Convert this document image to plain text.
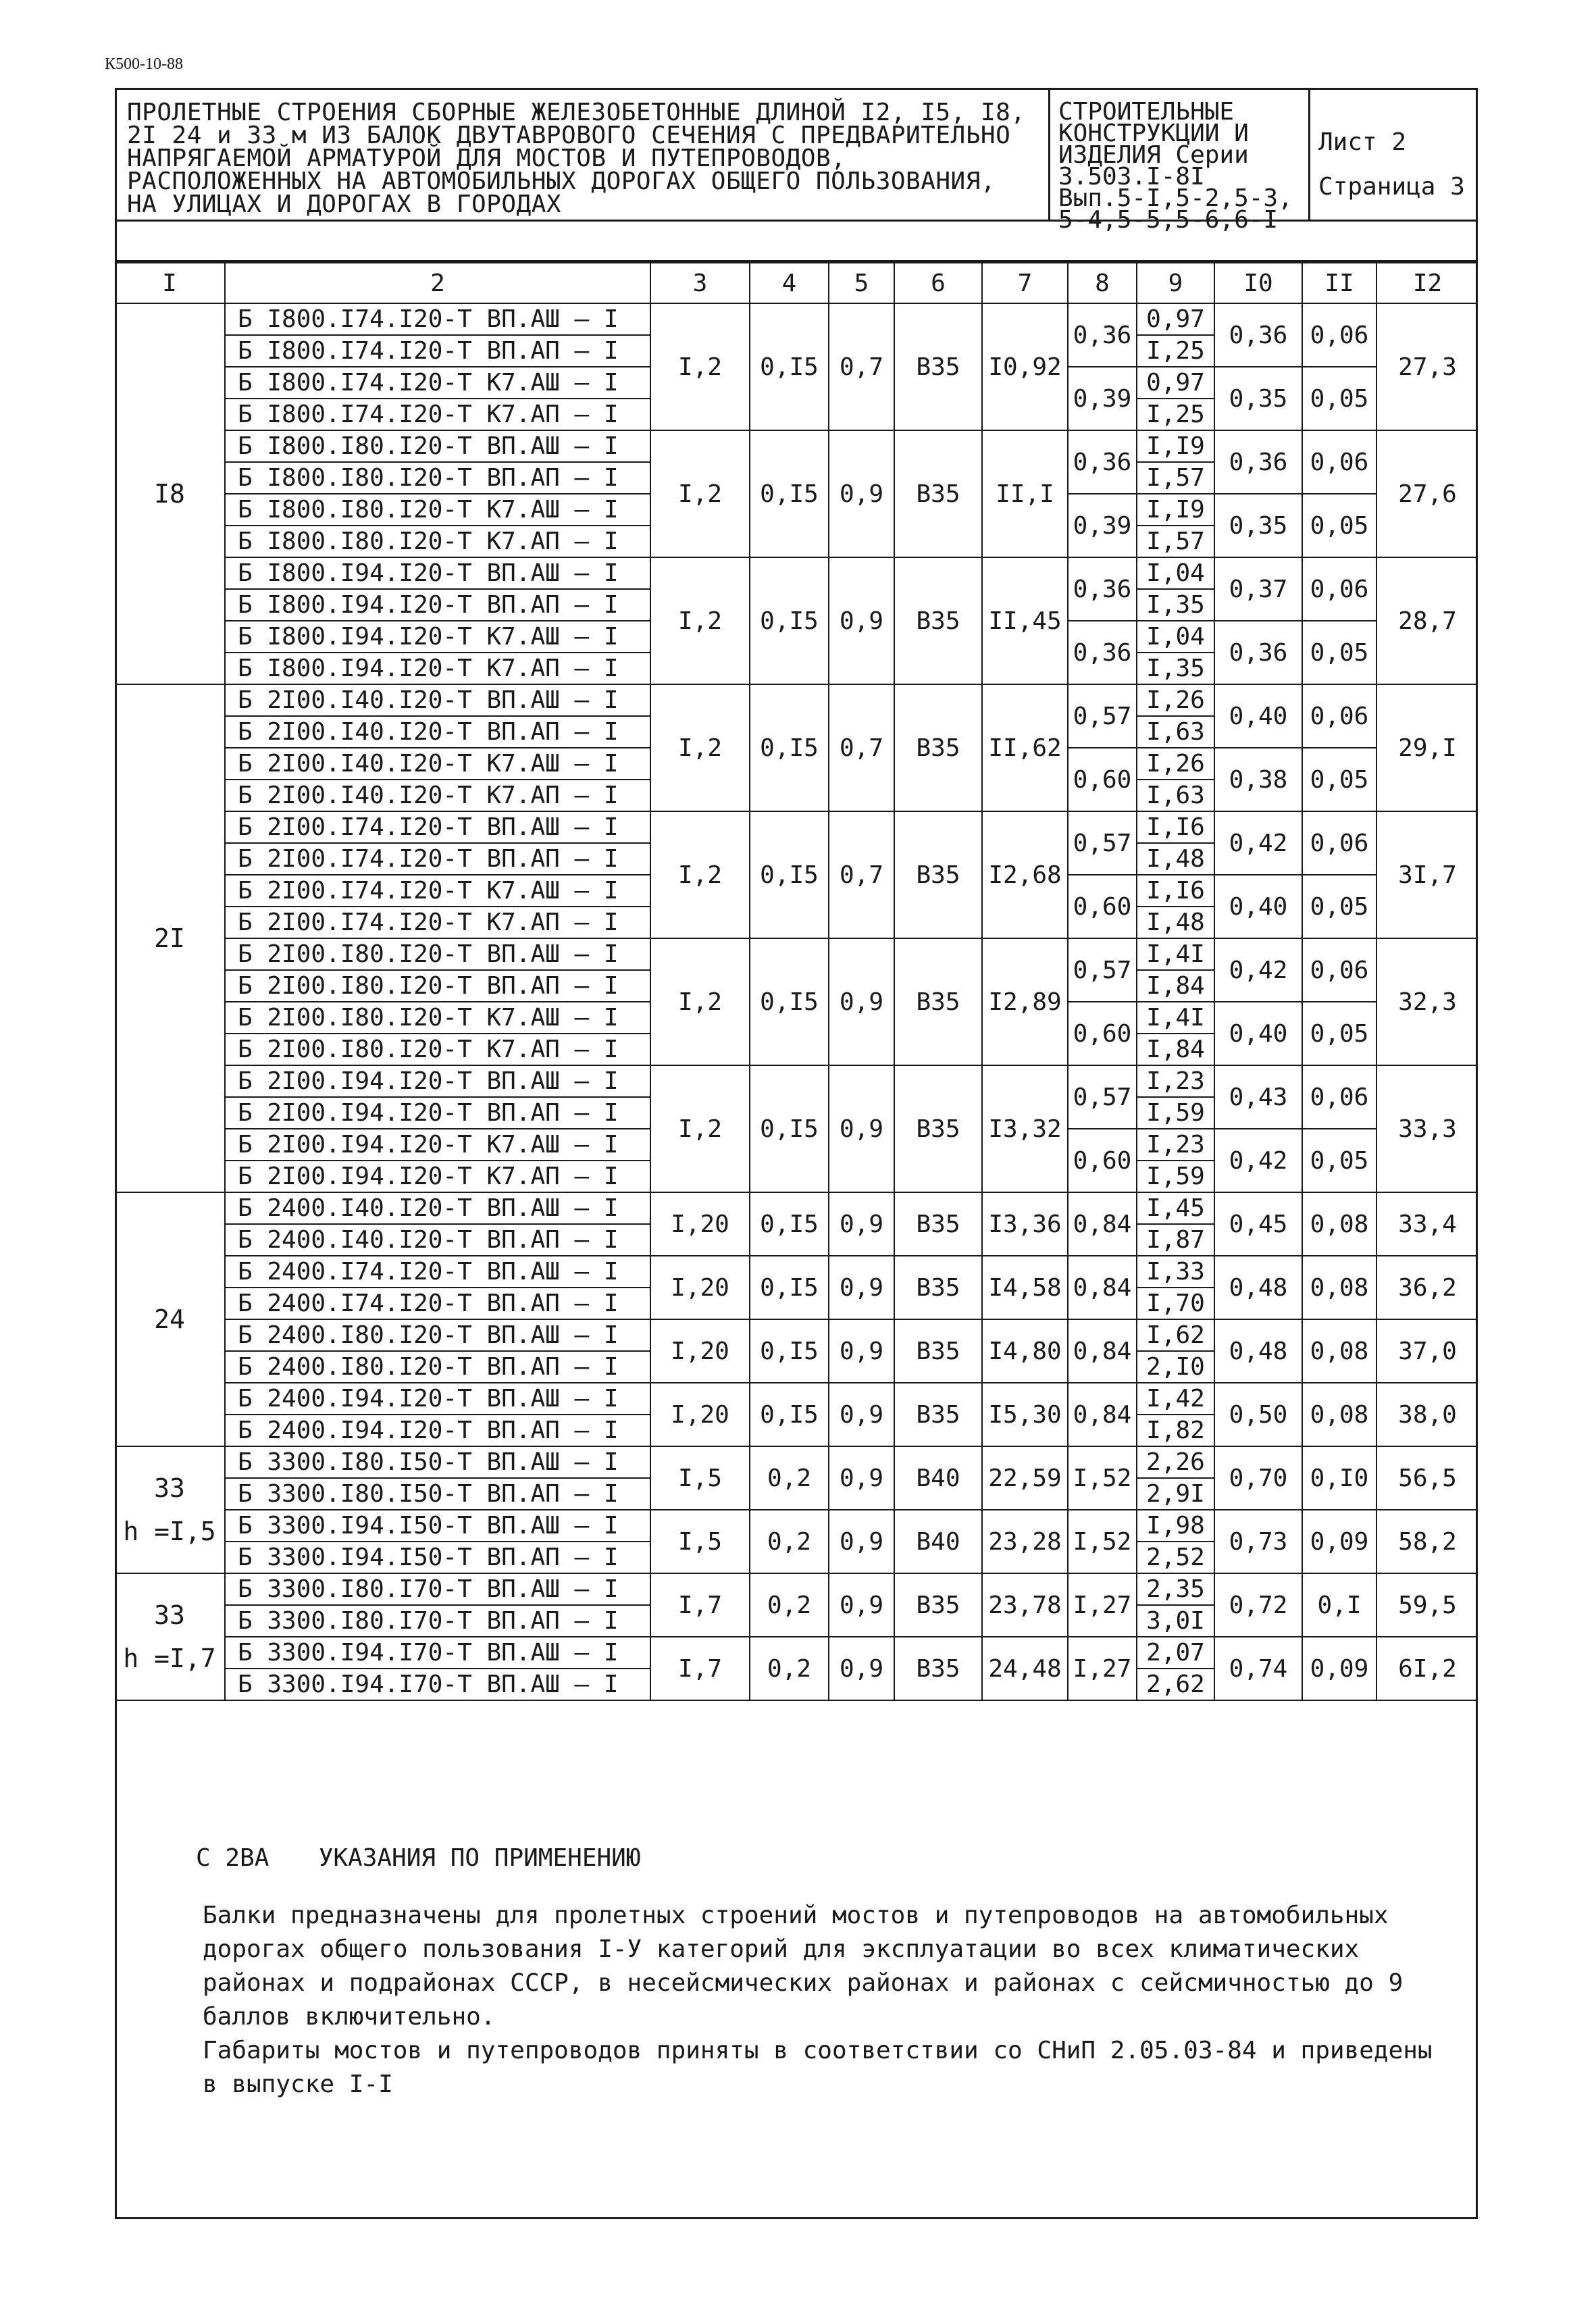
К500-10-88
ПРОЛЕТНЫЕ СТРОЕНИЯ СБОРНЫЕ ЖЕЛЕЗОБЕТОННЫЕ ДЛИНОЙ I2, I5, I8, 2I 24 и 33 м ИЗ БАЛОК ДВУТАВРОВОГО СЕЧЕНИЯ С ПРЕДВАРИТЕЛЬНО НАПРЯГАЕМОЙ АРМАТУРОЙ ДЛЯ МОСТОВ И ПУТЕПРОВОДОВ, РАСПОЛОЖЕННЫХ НА АВТОМОБИЛЬНЫХ ДОРОГАХ ОБЩЕГО ПОЛЬЗОВАНИЯ, НА УЛИЦАХ И ДОРОГАХ В ГОРОДАХ
СТРОИТЕЛЬНЫЕ КОНСТРУКЦИИ И ИЗДЕЛИЯ Серии 3.503.I-8I Вып.5-I,5-2,5-3, 5-4,5-5,5-6,6-I
Лист 2
Страница 3
I	2	3	4	5	6	7	8	9	I0	II	I2

I8	Б I800.I74.I20-Т ВП.АШ – I	I,2	0,I5	0,7	В35	I0,92	0,36	0,97	0,36	0,06	27,3
	Б I800.I74.I20-Т ВП.АП – I							I,25			
	Б I800.I74.I20-Т К7.АШ – I						0,39	0,97	0,35	0,05	
	Б I800.I74.I20-Т К7.АП – I							I,25			
	Б I800.I80.I20-Т ВП.АШ – I	I,2	0,I5	0,9	В35	II,I	0,36	I,I9	0,36	0,06	27,6
	Б I800.I80.I20-Т ВП.АП – I							I,57			
	Б I800.I80.I20-Т К7.АШ – I						0,39	I,I9	0,35	0,05	
	Б I800.I80.I20-Т К7.АП – I							I,57			
	Б I800.I94.I20-Т ВП.АШ – I	I,2	0,I5	0,9	В35	II,45	0,36	I,04	0,37	0,06	28,7
	Б I800.I94.I20-Т ВП.АП – I							I,35			
	Б I800.I94.I20-Т К7.АШ – I						0,36	I,04	0,36	0,05	
	Б I800.I94.I20-Т К7.АП – I							I,35			

2I	Б 2I00.I40.I20-Т ВП.АШ – I	I,2	0,I5	0,7	В35	II,62	0,57	I,26	0,40	0,06	29,I
	Б 2I00.I40.I20-Т ВП.АП – I							I,63			
	Б 2I00.I40.I20-Т К7.АШ – I						0,60	I,26	0,38	0,05	
	Б 2I00.I40.I20-Т К7.АП – I							I,63			
	Б 2I00.I74.I20-Т ВП.АШ – I	I,2	0,I5	0,7	В35	I2,68	0,57	I,I6	0,42	0,06	3I,7
	Б 2I00.I74.I20-Т ВП.АП – I							I,48			
	Б 2I00.I74.I20-Т К7.АШ – I						0,60	I,I6	0,40	0,05	
	Б 2I00.I74.I20-Т К7.АП – I							I,48			
	Б 2I00.I80.I20-Т ВП.АШ – I	I,2	0,I5	0,9	В35	I2,89	0,57	I,4I	0,42	0,06	32,3
	Б 2I00.I80.I20-Т ВП.АП – I							I,84			
	Б 2I00.I80.I20-Т К7.АШ – I						0,60	I,4I	0,40	0,05	
	Б 2I00.I80.I20-Т К7.АП – I							I,84			
	Б 2I00.I94.I20-Т ВП.АШ – I	I,2	0,I5	0,9	В35	I3,32	0,57	I,23	0,43	0,06	33,3
	Б 2I00.I94.I20-Т ВП.АП – I							I,59			
	Б 2I00.I94.I20-Т К7.АШ – I						0,60	I,23	0,42	0,05	
	Б 2I00.I94.I20-Т К7.АП – I							I,59			

24	Б 2400.I40.I20-Т ВП.АШ – I	I,20	0,I5	0,9	В35	I3,36	0,84	I,45	0,45	0,08	33,4
	Б 2400.I40.I20-Т ВП.АП – I							I,87			
	Б 2400.I74.I20-Т ВП.АШ – I	I,20	0,I5	0,9	В35	I4,58	0,84	I,33	0,48	0,08	36,2
	Б 2400.I74.I20-Т ВП.АП – I							I,70			
	Б 2400.I80.I20-Т ВП.АШ – I	I,20	0,I5	0,9	В35	I4,80	0,84	I,62	0,48	0,08	37,0
	Б 2400.I80.I20-Т ВП.АП – I							2,I0			
	Б 2400.I94.I20-Т ВП.АШ – I	I,20	0,I5	0,9	В35	I5,30	0,84	I,42	0,50	0,08	38,0
	Б 2400.I94.I20-Т ВП.АП – I							I,82			

33
h =I,5	Б 3300.I80.I50-Т ВП.АШ – I	I,5	0,2	0,9	В40	22,59	I,52	2,26	0,70	0,I0	56,5
	Б 3300.I80.I50-Т ВП.АП – I							2,9I			
	Б 3300.I94.I50-Т ВП.АШ – I	I,5	0,2	0,9	В40	23,28	I,52	I,98	0,73	0,09	58,2
	Б 3300.I94.I50-Т ВП.АП – I							2,52			

33
h =I,7	Б 3300.I80.I70-Т ВП.АШ – I	I,7	0,2	0,9	В35	23,78	I,27	2,35	0,72	0,I	59,5
	Б 3300.I80.I70-Т ВП.АП – I							3,0I			
	Б 3300.I94.I70-Т ВП.АШ – I	I,7	0,2	0,9	В35	24,48	I,27	2,07	0,74	0,09	6I,2
	Б 3300.I94.I70-Т ВП.АШ – I							2,62			
С 2ВА УКАЗАНИЯ ПО ПРИМЕНЕНИЮ

Балки предназначены для пролетных строений мостов и путепроводов на автомобильных дорогах общего пользования I-У категорий для эксплуатации во всех климатических районах и подрайонах СССР, в несейсмических районах и районах с сейсмичностью до 9 баллов включительно.

Габариты мостов и путепроводов приняты в соответствии со СНиП 2.05.03-84 и приведены в выпуске I-I
